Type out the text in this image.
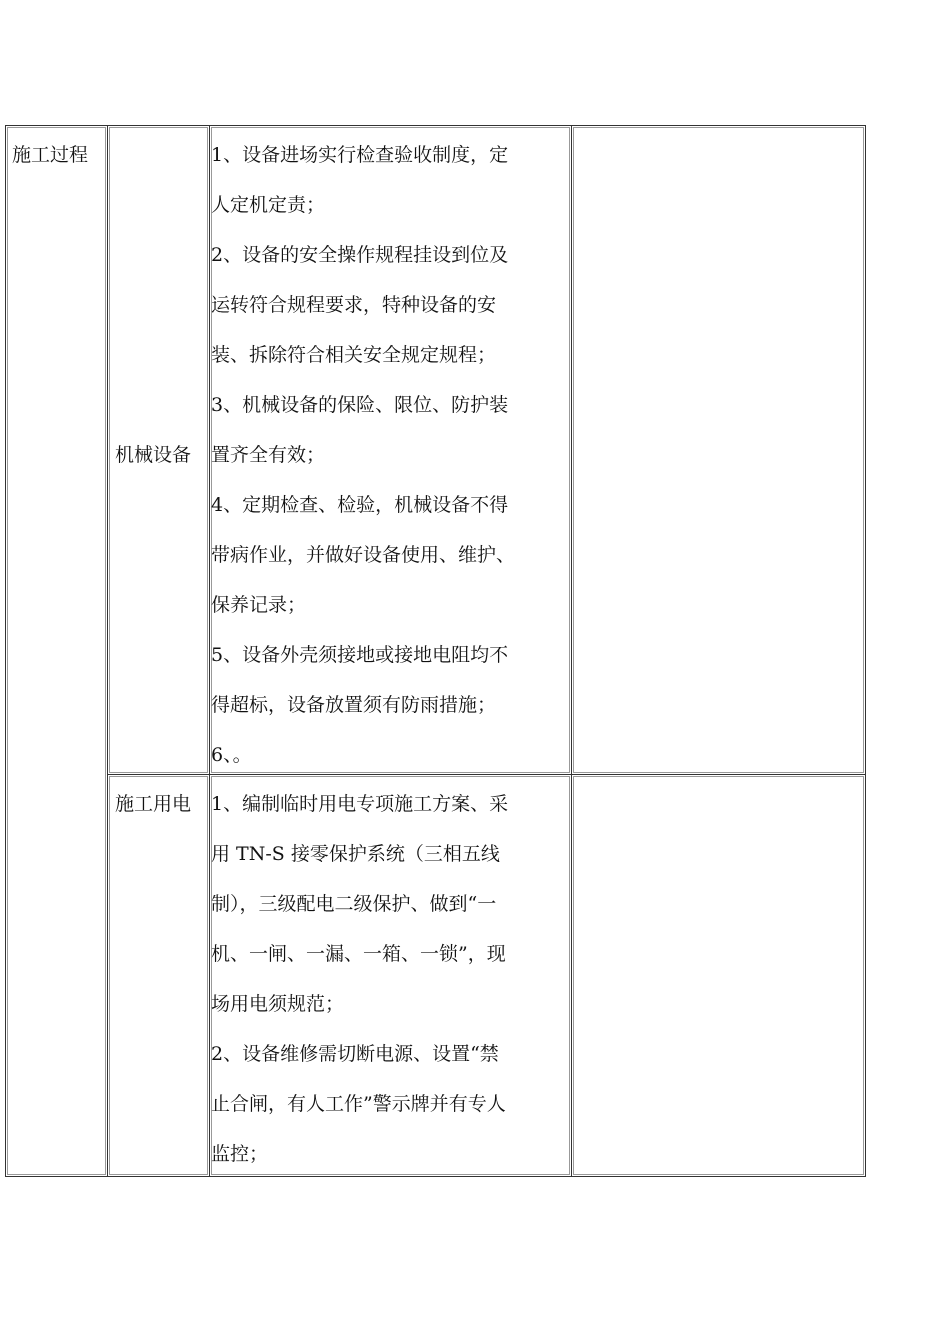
施工过程
机械设备
1、设备进场实行检查验收制度，定
人定机定责；
2、设备的安全操作规程挂设到位及
运转符合规程要求，特种设备的安
装、拆除符合相关安全规定规程；
3、机械设备的保险、限位、防护装
置齐全有效；
4、定期检查、检验，机械设备不得
带病作业，并做好设备使用、维护、
保养记录；
5、设备外壳须接地或接地电阻均不
得超标，设备放置须有防雨措施；
6、。
施工用电 1、编制临时用电专项施工方案、采
用 TN-S 接零保护系统（三相五线
制），三级配电二级保护、做到“一
机、一闸、一漏、一箱、一锁”，现
场用电须规范；
2、设备维修需切断电源、设置“禁
止合闸，有人工作”警示牌并有专人
监控；
